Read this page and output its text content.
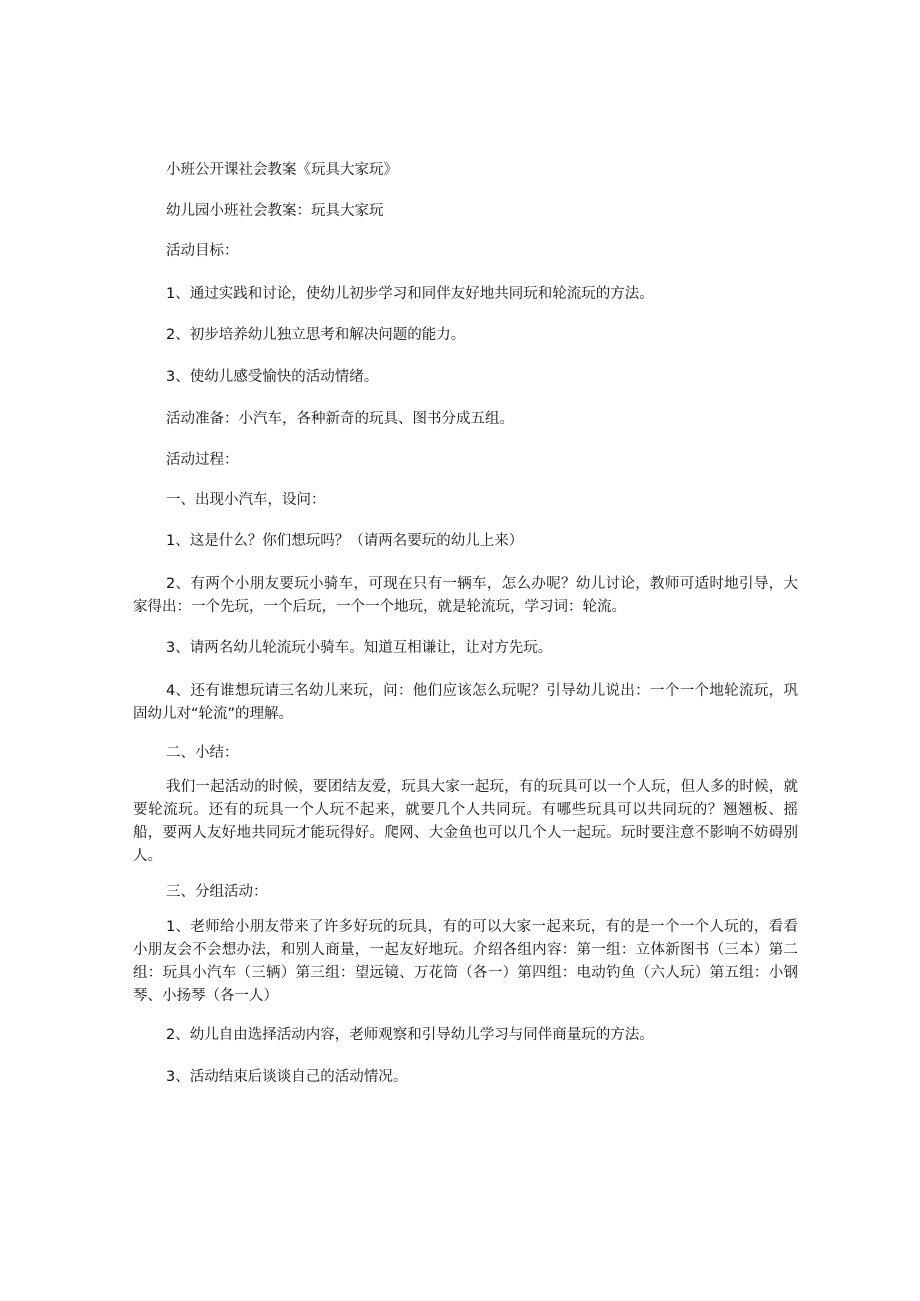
小班公开课社会教案《玩具大家玩》

幼儿园小班社会教案：玩具大家玩

活动目标：

1、通过实践和讨论，使幼儿初步学习和同伴友好地共同玩和轮流玩的方法。

2、初步培养幼儿独立思考和解决问题的能力。

3、使幼儿感受愉快的活动情绪。

活动准备：小汽车，各种新奇的玩具、图书分成五组。

活动过程：

一、出现小汽车，设问：

1、这是什么？你们想玩吗？（请两名要玩的幼儿上来）

2、有两个小朋友要玩小骑车，可现在只有一辆车，怎么办呢？幼儿讨论，教师可适时地引导，大家得出：一个先玩，一个后玩，一个一个地玩，就是轮流玩，学习词：轮流。

3、请两名幼儿轮流玩小骑车。知道互相谦让，让对方先玩。

4、还有谁想玩请三名幼儿来玩，问：他们应该怎么玩呢？引导幼儿说出：一个一个地轮流玩，巩固幼儿对“轮流”的理解。

二、小结：

我们一起活动的时候，要团结友爱，玩具大家一起玩，有的玩具可以一个人玩，但人多的时候，就要轮流玩。还有的玩具一个人玩不起来，就要几个人共同玩。有哪些玩具可以共同玩的？翘翘板、摇船，要两人友好地共同玩才能玩得好。爬网、大金鱼也可以几个人一起玩。玩时要注意不影响不妨碍别人。

三、分组活动：

1、老师给小朋友带来了许多好玩的玩具，有的可以大家一起来玩，有的是一个一个人玩的，看看小朋友会不会想办法，和别人商量，一起友好地玩。介绍各组内容：第一组：立体新图书（三本）第二组：玩具小汽车（三辆）第三组：望远镜、万花筒（各一）第四组：电动钓鱼（六人玩）第五组：小钢琴、小扬琴（各一人）

2、幼儿自由选择活动内容，老师观察和引导幼儿学习与同伴商量玩的方法。

3、活动结束后谈谈自己的活动情况。
